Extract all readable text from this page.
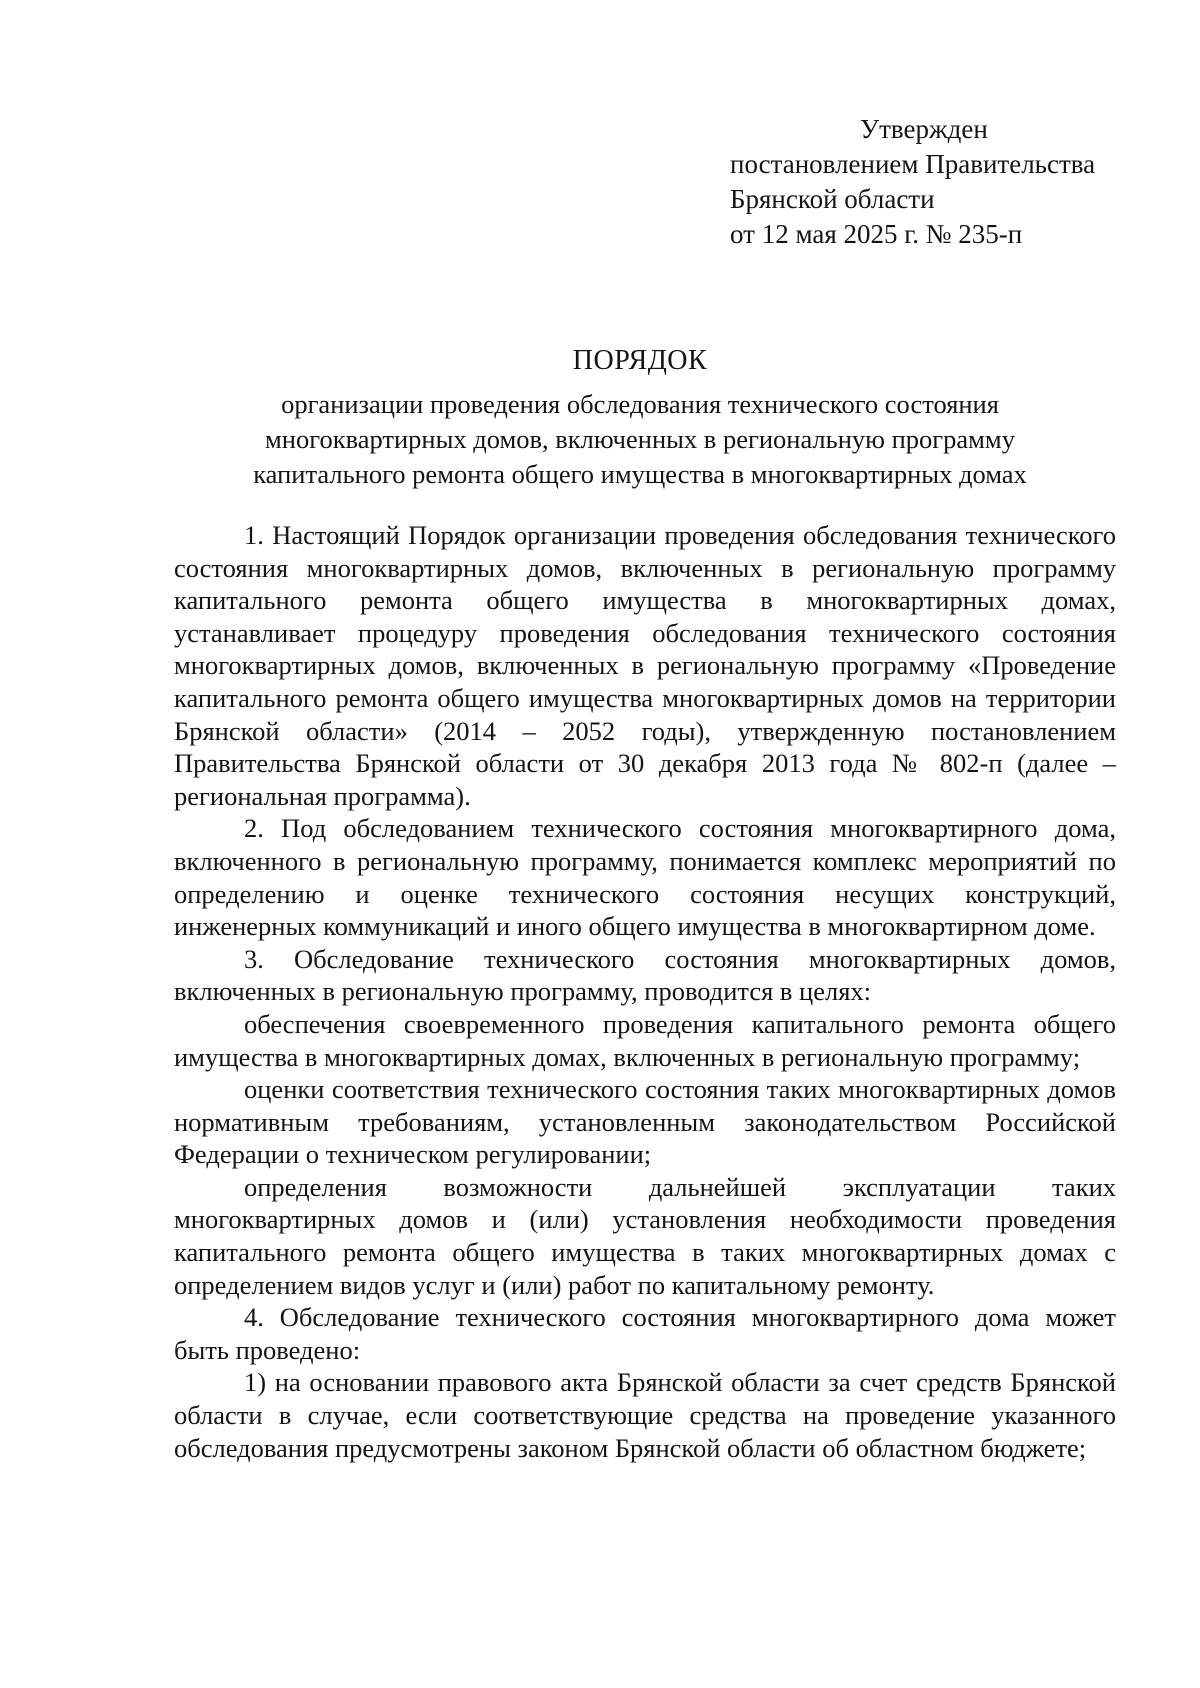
Утвержден
постановлением Правительства
Брянской области
от 12 мая 2025 г. № 235-п
ПОРЯДОК

организации проведения обследования технического состояния
многоквартирных домов, включенных в региональную программу
капитального ремонта общего имущества в многоквартирных домах

1. Настоящий Порядок организации проведения обследования технического состояния многоквартирных домов, включенных в региональную программу капитального ремонта общего имущества в многоквартирных домах, устанавливает процедуру проведения обследования технического состояния многоквартирных домов, включенных в региональную программу «Проведение капитального ремонта общего имущества многоквартирных домов на территории Брянской области» (2014 – 2052 годы), утвержденную постановлением Правительства Брянской области от 30 декабря 2013 года № 802-п (далее – региональная программа).

2. Под обследованием технического состояния многоквартирного дома, включенного в региональную программу, понимается комплекс мероприятий по определению и оценке технического состояния несущих конструкций, инженерных коммуникаций и иного общего имущества в многоквартирном доме.

3. Обследование технического состояния многоквартирных домов, включенных в региональную программу, проводится в целях:

обеспечения своевременного проведения капитального ремонта общего имущества в многоквартирных домах, включенных в региональную программу;

оценки соответствия технического состояния таких многоквартирных домов нормативным требованиям, установленным законодательством Российской Федерации о техническом регулировании;

определения возможности дальнейшей эксплуатации таких многоквартирных домов и (или) установления необходимости проведения капитального ремонта общего имущества в таких многоквартирных домах с определением видов услуг и (или) работ по капитальному ремонту.

4. Обследование технического состояния многоквартирного дома может быть проведено:

1) на основании правового акта Брянской области за счет средств Брянской области в случае, если соответствующие средства на проведение указанного обследования предусмотрены законом Брянской области об областном бюджете;
